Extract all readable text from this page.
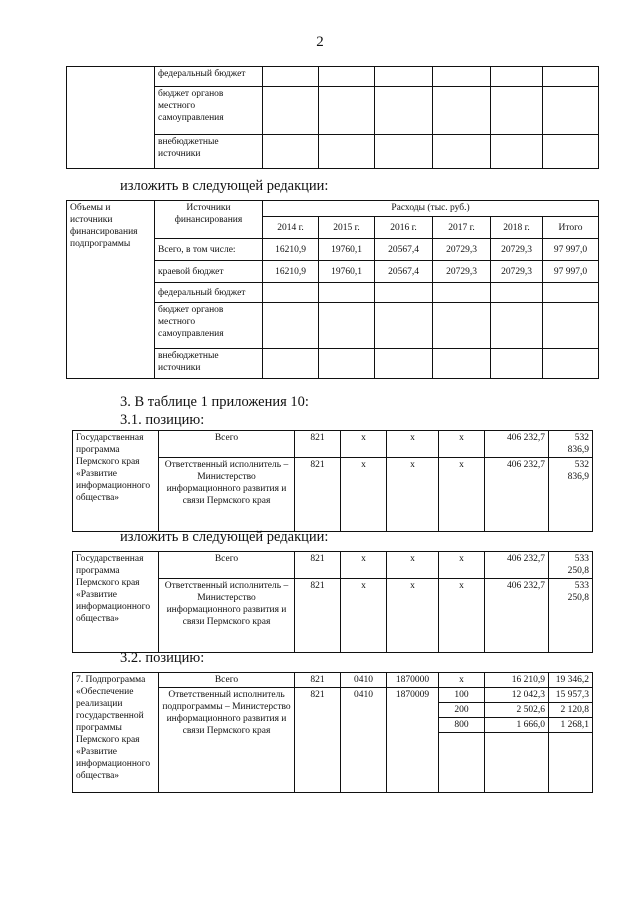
2
	федеральный бюджет						
	бюджет органов местного самоуправления						
	внебюджетные источники						
изложить в следующей редакции:
Объемы и источники финансирования подпрограммы	Источники финансирования	Расходы (тыс. руб.)					
		2014 г.	2015 г.	2016 г.	2017 г.	2018 г.	Итого
	Всего, в том числе:	16210,9	19760,1	20567,4	20729,3	20729,3	97 997,0
	краевой бюджет	16210,9	19760,1	20567,4	20729,3	20729,3	97 997,0
	федеральный бюджет						
	бюджет органов местного самоуправления						
	внебюджетные источники						
3. В таблице 1 приложения 10:
3.1. позицию:
Государственная программа Пермского края «Развитие информационного общества»	Всего	821	х	х	х	406 232,7	532 836,9
	Ответственный исполнитель – Министерство информационного развития и связи Пермского края	821	х	х	х	406 232,7	532 836,9
изложить в следующей редакции:
Государственная программа Пермского края «Развитие информационного общества»	Всего	821	х	х	х	406 232,7	533 250,8
	Ответственный исполнитель – Министерство информационного развития и связи Пермского края	821	х	х	х	406 232,7	533 250,8
3.2. позицию:
7. Подпрограмма «Обеспечение реализации государственной программы Пермского края «Развитие информационного общества»	Всего	821	0410	1870000	х	16 210,9	19 346,2
	Ответственный исполнитель подпрограммы – Министерство информационного развития и связи Пермского края	821	0410	1870009	100	12 042,3	15 957,3
					200	2 502,6	2 120,8
					800	1 666,0	1 268,1
